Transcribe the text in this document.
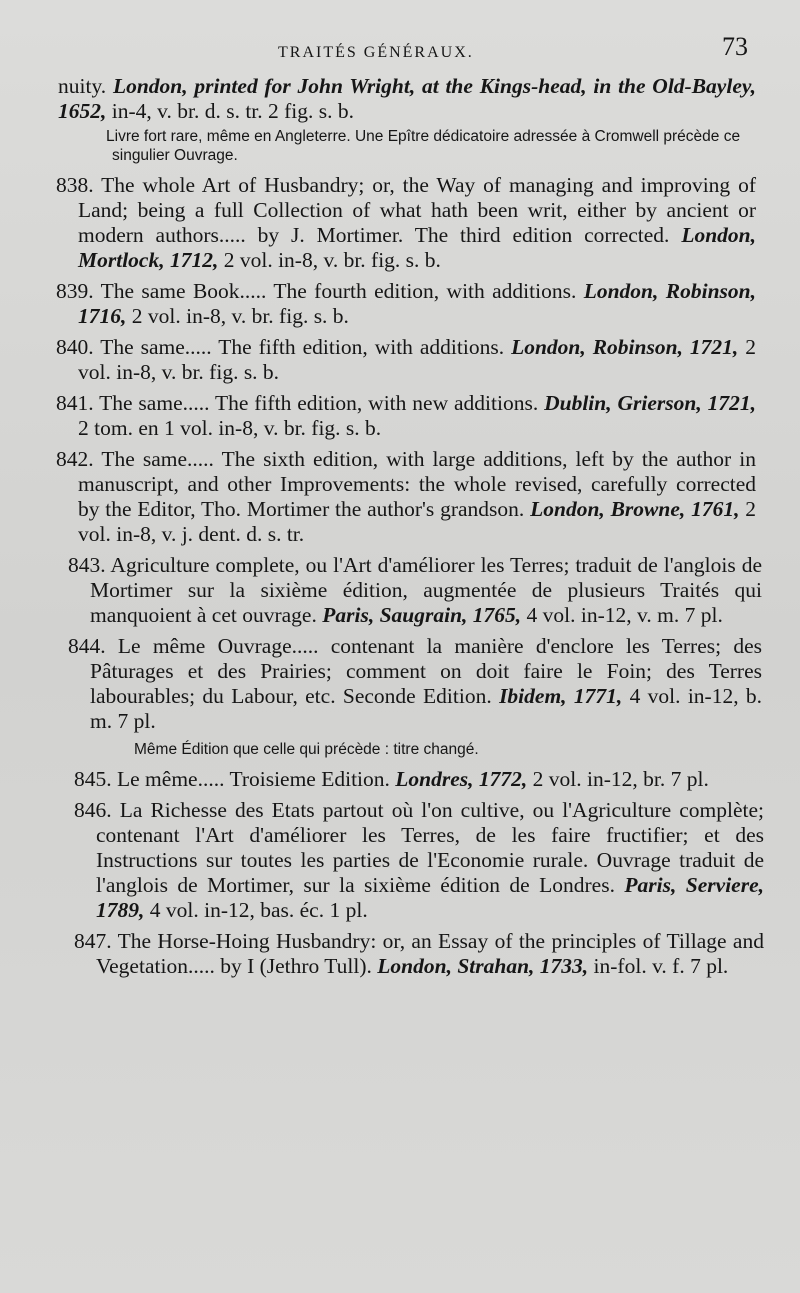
TRAITÉS GÉNÉRAUX.	73

nuity. London, printed for John Wright, at the Kings-head, in the Old-Bayley, 1652, in-4, v. br. d. s. tr. 2 fig. s. b.

Livre fort rare, même en Angleterre. Une Epître dédicatoire adressée à Cromwell précède ce singulier Ouvrage.

838. The whole Art of Husbandry; or, the Way of managing and improving of Land; being a full Collection of what hath been writ, either by ancient or modern authors..... by J. Mortimer. The third edition corrected. London, Mortlock, 1712, 2 vol. in-8, v. br. fig. s. b.

839. The same Book..... The fourth edition, with additions. London, Robinson, 1716, 2 vol. in-8, v. br. fig. s. b.

840. The same..... The fifth edition, with additions. London, Robinson, 1721, 2 vol. in-8, v. br. fig. s. b.

841. The same..... The fifth edition, with new additions. Dublin, Grierson, 1721, 2 tom. en 1 vol. in-8, v. br. fig. s. b.

842. The same..... The sixth edition, with large additions, left by the author in manuscript, and other Improvements: the whole revised, carefully corrected by the Editor, Tho. Mortimer the author's grandson. London, Browne, 1761, 2 vol. in-8, v. j. dent. d. s. tr.

843. Agriculture complete, ou l'Art d'améliorer les Terres; traduit de l'anglois de Mortimer sur la sixième édition, augmentée de plusieurs Traités qui manquoient à cet ouvrage. Paris, Saugrain, 1765, 4 vol. in-12, v. m. 7 pl.

844. Le même Ouvrage..... contenant la manière d'enclore les Terres; des Pâturages et des Prairies; comment on doit faire le Foin; des Terres labourables; du Labour, etc. Seconde Edition. Ibidem, 1771, 4 vol. in-12, b. m. 7 pl.

Même Édition que celle qui précède : titre changé.

845. Le même..... Troisieme Edition. Londres, 1772, 2 vol. in-12, br. 7 pl.

846. La Richesse des Etats partout où l'on cultive, ou l'Agriculture complète; contenant l'Art d'améliorer les Terres, de les faire fructifier; et des Instructions sur toutes les parties de l'Economie rurale. Ouvrage traduit de l'anglois de Mortimer, sur la sixième édition de Londres. Paris, Serviere, 1789, 4 vol. in-12, bas. éc. 1 pl.

847. The Horse-Hoing Husbandry: or, an Essay of the principles of Tillage and Vegetation..... by I (Jethro Tull). London, Strahan, 1733, in-fol. v. f. 7 pl.
